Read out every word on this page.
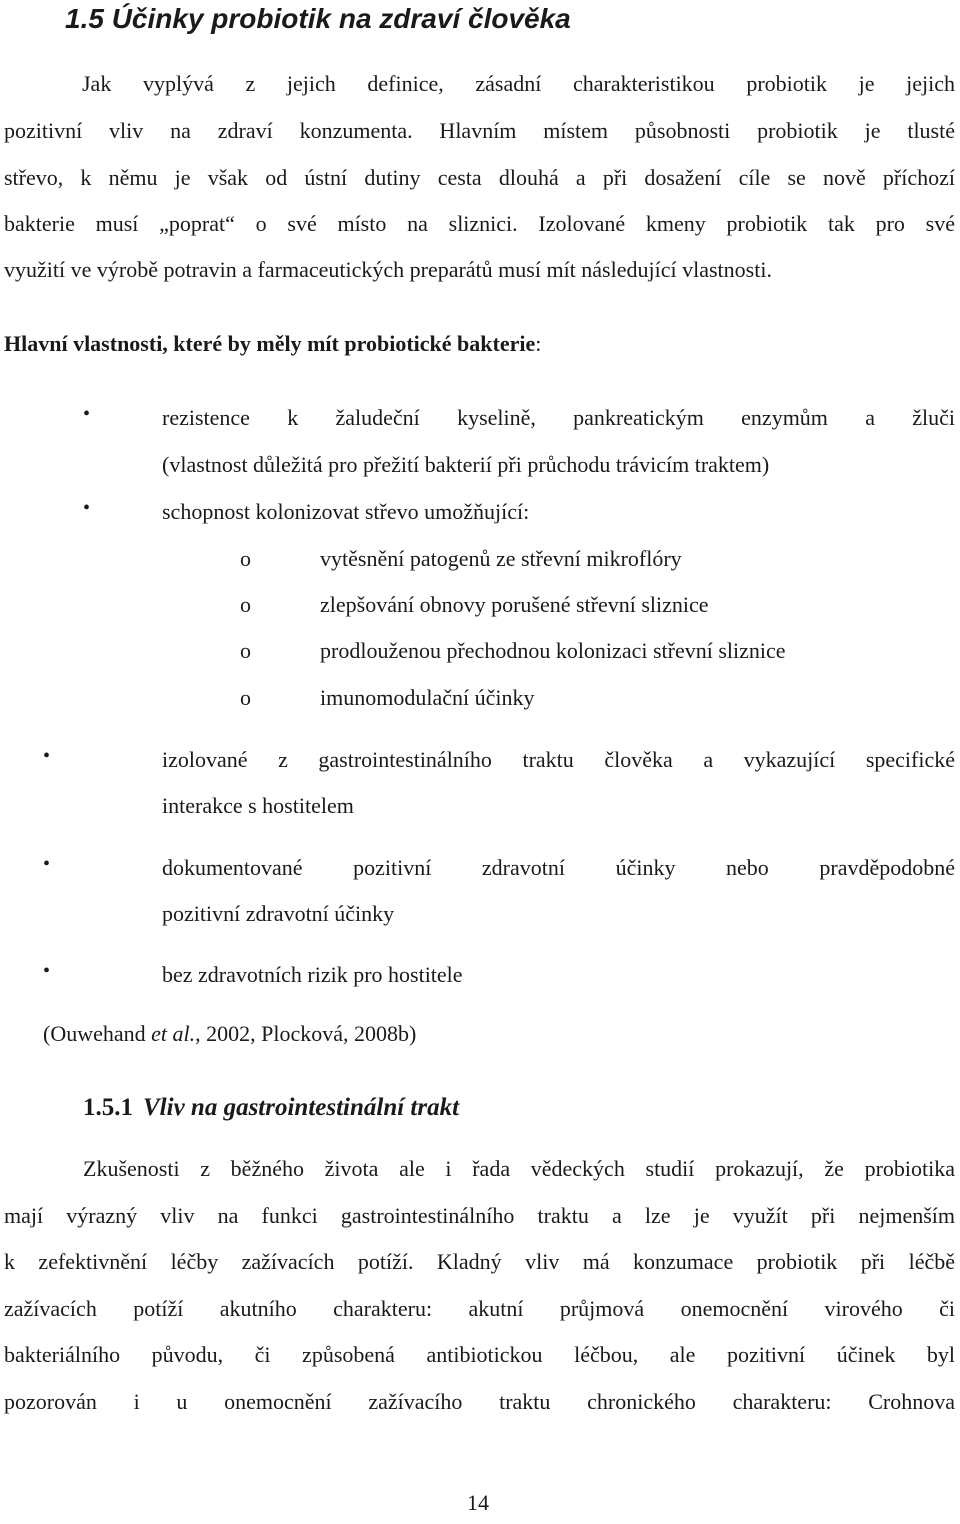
1.5 Účinky probiotik na zdraví člověka
Jak vyplývá z jejich definice, zásadní charakteristikou probiotik je jejich
pozitivní vliv na zdraví konzumenta. Hlavním místem působnosti probiotik je tlusté
střevo, k němu je však od ústní dutiny cesta dlouhá a při dosažení cíle se nově příchozí
bakterie musí „poprat“ o své místo na sliznici. Izolované kmeny probiotik tak pro své
využití ve výrobě potravin a farmaceutických preparátů musí mít následující vlastnosti.
Hlavní vlastnosti, které by měly mít probiotické bakterie:
•	rezistence k žaludeční kyselině, pankreatickým enzymům a žluči
(vlastnost důležitá pro přežití bakterií při průchodu trávicím traktem)
•	schopnost kolonizovat střevo umožňující:
o	vytěsnění patogenů ze střevní mikroflóry
o	zlepšování obnovy porušené střevní sliznice
o	prodlouženou přechodnou kolonizaci střevní sliznice
o	imunomodulační účinky
•	izolované z gastrointestinálního traktu člověka a vykazující specifické
interakce s hostitelem
•	dokumentované pozitivní zdravotní účinky nebo pravděpodobné
pozitivní zdravotní účinky
•	bez zdravotních rizik pro hostitele
(Ouwehand et al., 2002, Plocková, 2008b)
1.5.1 Vliv na gastrointestinální trakt
Zkušenosti z běžného života ale i řada vědeckých studií prokazují, že probiotika
mají výrazný vliv na funkci gastrointestinálního traktu a lze je využít při nejmenším
k zefektivnění léčby zažívacích potíží. Kladný vliv má konzumace probiotik při léčbě
zažívacích potíží akutního charakteru: akutní průjmová onemocnění virového či
bakteriálního původu, či způsobená antibiotickou léčbou, ale pozitivní účinek byl
pozorován i u onemocnění zažívacího traktu chronického charakteru: Crohnova
14
